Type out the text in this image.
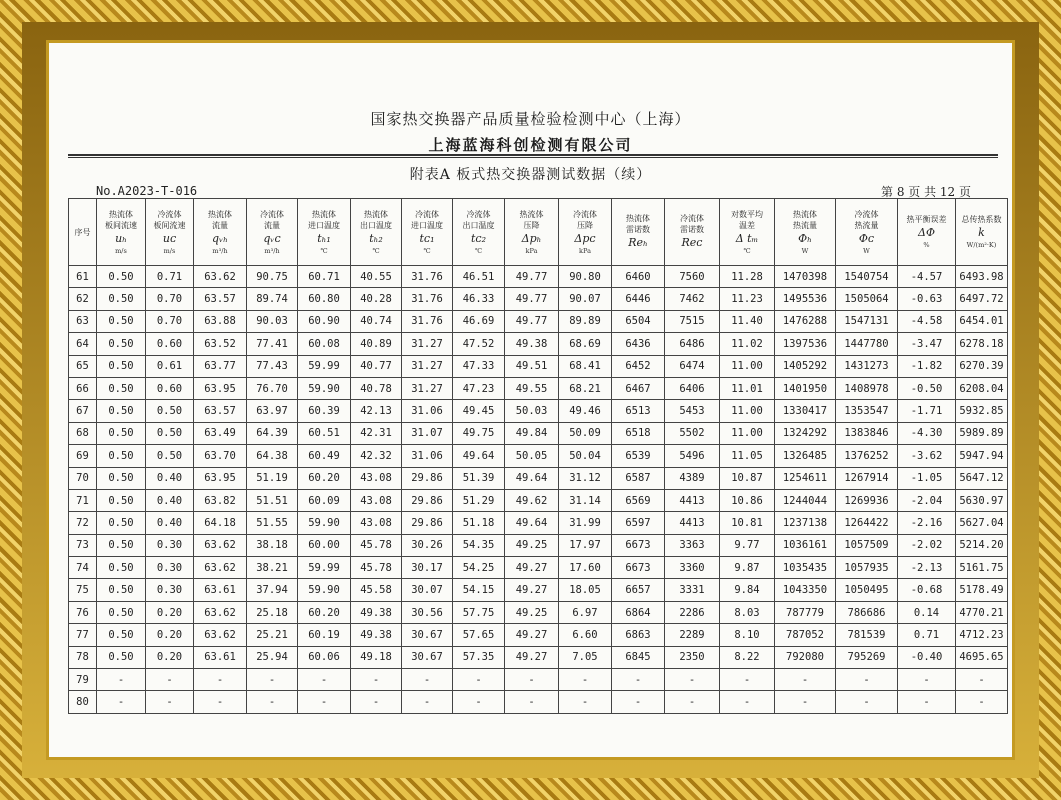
国家热交换器产品质量检验检测中心（上海）
上海蓝海科创检测有限公司
附表A 板式热交换器测试数据（续）
No.A2023-T-016	第 8 页 共 12 页
序号	热流体
板间流速
uₕ
m/s	冷流体
板间流速
uᴄ
m/s	热流体
流量
qᵥₕ
m³/h	冷流体
流量
qᵥᴄ
m³/h	热流体
进口温度
tₕ₁
℃	热流体
出口温度
tₕ₂
℃	冷流体
进口温度
tᴄ₁
℃	冷流体
出口温度
tᴄ₂
℃	热流体
压降
Δpₕ
kPa	冷流体
压降
Δpᴄ
kPa	热流体
雷诺数
Reₕ	冷流体
雷诺数
Reᴄ	对数平均
温差
Δ tₘ
℃	热流体
热流量
Φₕ
W	冷流体
热流量
Φᴄ
W	热平衡误差
ΔΦ
%	总传热系数
k
W/(m²·K)

61	0.50	0.71	63.62	90.75	60.71	40.55	31.76	46.51	49.77	90.80	6460	7560	11.28	1470398	1540754	-4.57	6493.98
62	0.50	0.70	63.57	89.74	60.80	40.28	31.76	46.33	49.77	90.07	6446	7462	11.23	1495536	1505064	-0.63	6497.72
63	0.50	0.70	63.88	90.03	60.90	40.74	31.76	46.69	49.77	89.89	6504	7515	11.40	1476288	1547131	-4.58	6454.01
64	0.50	0.60	63.52	77.41	60.08	40.89	31.27	47.52	49.38	68.69	6436	6486	11.02	1397536	1447780	-3.47	6278.18
65	0.50	0.61	63.77	77.43	59.99	40.77	31.27	47.33	49.51	68.41	6452	6474	11.00	1405292	1431273	-1.82	6270.39
66	0.50	0.60	63.95	76.70	59.90	40.78	31.27	47.23	49.55	68.21	6467	6406	11.01	1401950	1408978	-0.50	6208.04
67	0.50	0.50	63.57	63.97	60.39	42.13	31.06	49.45	50.03	49.46	6513	5453	11.00	1330417	1353547	-1.71	5932.85
68	0.50	0.50	63.49	64.39	60.51	42.31	31.07	49.75	49.84	50.09	6518	5502	11.00	1324292	1383846	-4.30	5989.89
69	0.50	0.50	63.70	64.38	60.49	42.32	31.06	49.64	50.05	50.04	6539	5496	11.05	1326485	1376252	-3.62	5947.94
70	0.50	0.40	63.95	51.19	60.20	43.08	29.86	51.39	49.64	31.12	6587	4389	10.87	1254611	1267914	-1.05	5647.12
71	0.50	0.40	63.82	51.51	60.09	43.08	29.86	51.29	49.62	31.14	6569	4413	10.86	1244044	1269936	-2.04	5630.97
72	0.50	0.40	64.18	51.55	59.90	43.08	29.86	51.18	49.64	31.99	6597	4413	10.81	1237138	1264422	-2.16	5627.04
73	0.50	0.30	63.62	38.18	60.00	45.78	30.26	54.35	49.25	17.97	6673	3363	9.77	1036161	1057509	-2.02	5214.20
74	0.50	0.30	63.62	38.21	59.99	45.78	30.17	54.25	49.27	17.60	6673	3360	9.87	1035435	1057935	-2.13	5161.75
75	0.50	0.30	63.61	37.94	59.90	45.58	30.07	54.15	49.27	18.05	6657	3331	9.84	1043350	1050495	-0.68	5178.49
76	0.50	0.20	63.62	25.18	60.20	49.38	30.56	57.75	49.25	6.97	6864	2286	8.03	787779	786686	0.14	4770.21
77	0.50	0.20	63.62	25.21	60.19	49.38	30.67	57.65	49.27	6.60	6863	2289	8.10	787052	781539	0.71	4712.23
78	0.50	0.20	63.61	25.94	60.06	49.18	30.67	57.35	49.27	7.05	6845	2350	8.22	792080	795269	-0.40	4695.65
79	-	-	-	-	-	-	-	-	-	-	-	-	-	-	-	-	-
80	-	-	-	-	-	-	-	-	-	-	-	-	-	-	-	-	-
